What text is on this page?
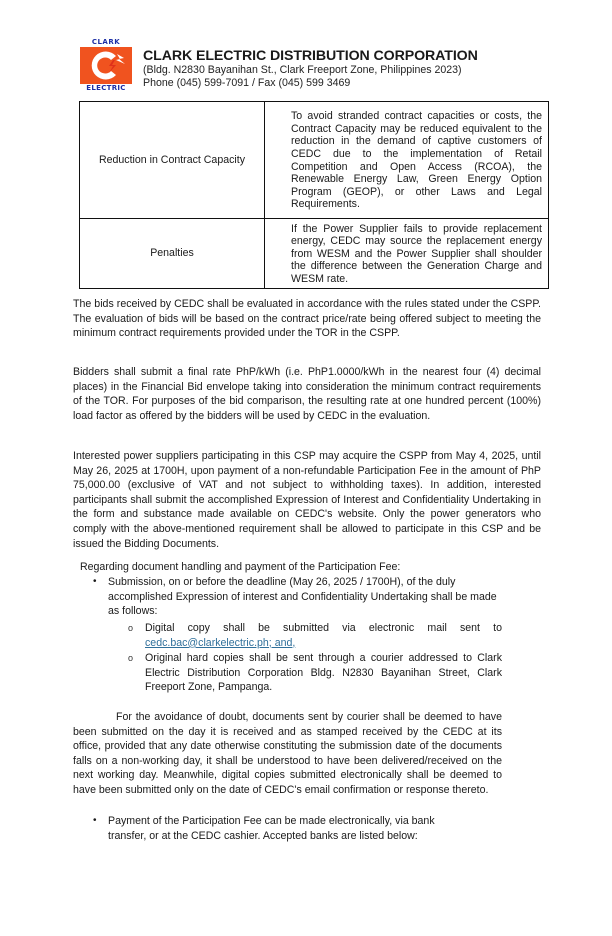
CLARK
ELECTRIC
CLARK ELECTRIC DISTRIBUTION CORPORATION
(Bldg. N2830 Bayanihan St., Clark Freeport Zone, Philippines 2023)
Phone (045) 599-7091 / Fax (045) 599 3469
Reduction in Contract Capacity	To avoid stranded contract capacities or costs, the Contract Capacity may be reduced equivalent to the reduction in the demand of captive customers of CEDC due to the implementation of Retail Competition and Open Access (RCOA), the Renewable Energy Law, Green Energy Option Program (GEOP), or other Laws and Legal Requirements.
Penalties	If the Power Supplier fails to provide replacement energy, CEDC may source the replacement energy from WESM and the Power Supplier shall shoulder the difference between the Generation Charge and WESM rate.
The bids received by CEDC shall be evaluated in accordance with the rules stated under the CSPP. The evaluation of bids will be based on the contract price/rate being offered subject to meeting the minimum contract requirements provided under the TOR in the CSPP.
Bidders shall submit a final rate PhP/kWh (i.e. PhP1.0000/kWh in the nearest four (4) decimal places) in the Financial Bid envelope taking into consideration the minimum contract requirements of the TOR. For purposes of the bid comparison, the resulting rate at one hundred percent (100%) load factor as offered by the bidders will be used by CEDC in the evaluation.
Interested power suppliers participating in this CSP may acquire the CSPP from May 4, 2025, until May 26, 2025 at 1700H, upon payment of a non-refundable Participation Fee in the amount of PhP 75,000.00 (exclusive of VAT and not subject to withholding taxes). In addition, interested participants shall submit the accomplished Expression of Interest and Confidentiality Undertaking in the form and substance made available on CEDC's website. Only the power generators who comply with the above-mentioned requirement shall be allowed to participate in this CSP and be issued the Bidding Documents.
Regarding document handling and payment of the Participation Fee:
• Submission, on or before the deadline (May 26, 2025 / 1700H), of the duly accomplished Expression of interest and Confidentiality Undertaking shall be made as follows:
o Digital copy shall be submitted via electronic mail sent to cedc.bac@clarkelectric.ph; and,
o Original hard copies shall be sent through a courier addressed to Clark Electric Distribution Corporation Bldg. N2830 Bayanihan Street, Clark Freeport Zone, Pampanga.
For the avoidance of doubt, documents sent by courier shall be deemed to have been submitted on the day it is received and as stamped received by the CEDC at its office, provided that any date otherwise constituting the submission date of the documents falls on a non-working day, it shall be understood to have been delivered/received on the next working day. Meanwhile, digital copies submitted electronically shall be deemed to have been submitted only on the date of CEDC's email confirmation or response thereto.
• Payment of the Participation Fee can be made electronically, via bank transfer, or at the CEDC cashier. Accepted banks are listed below:
